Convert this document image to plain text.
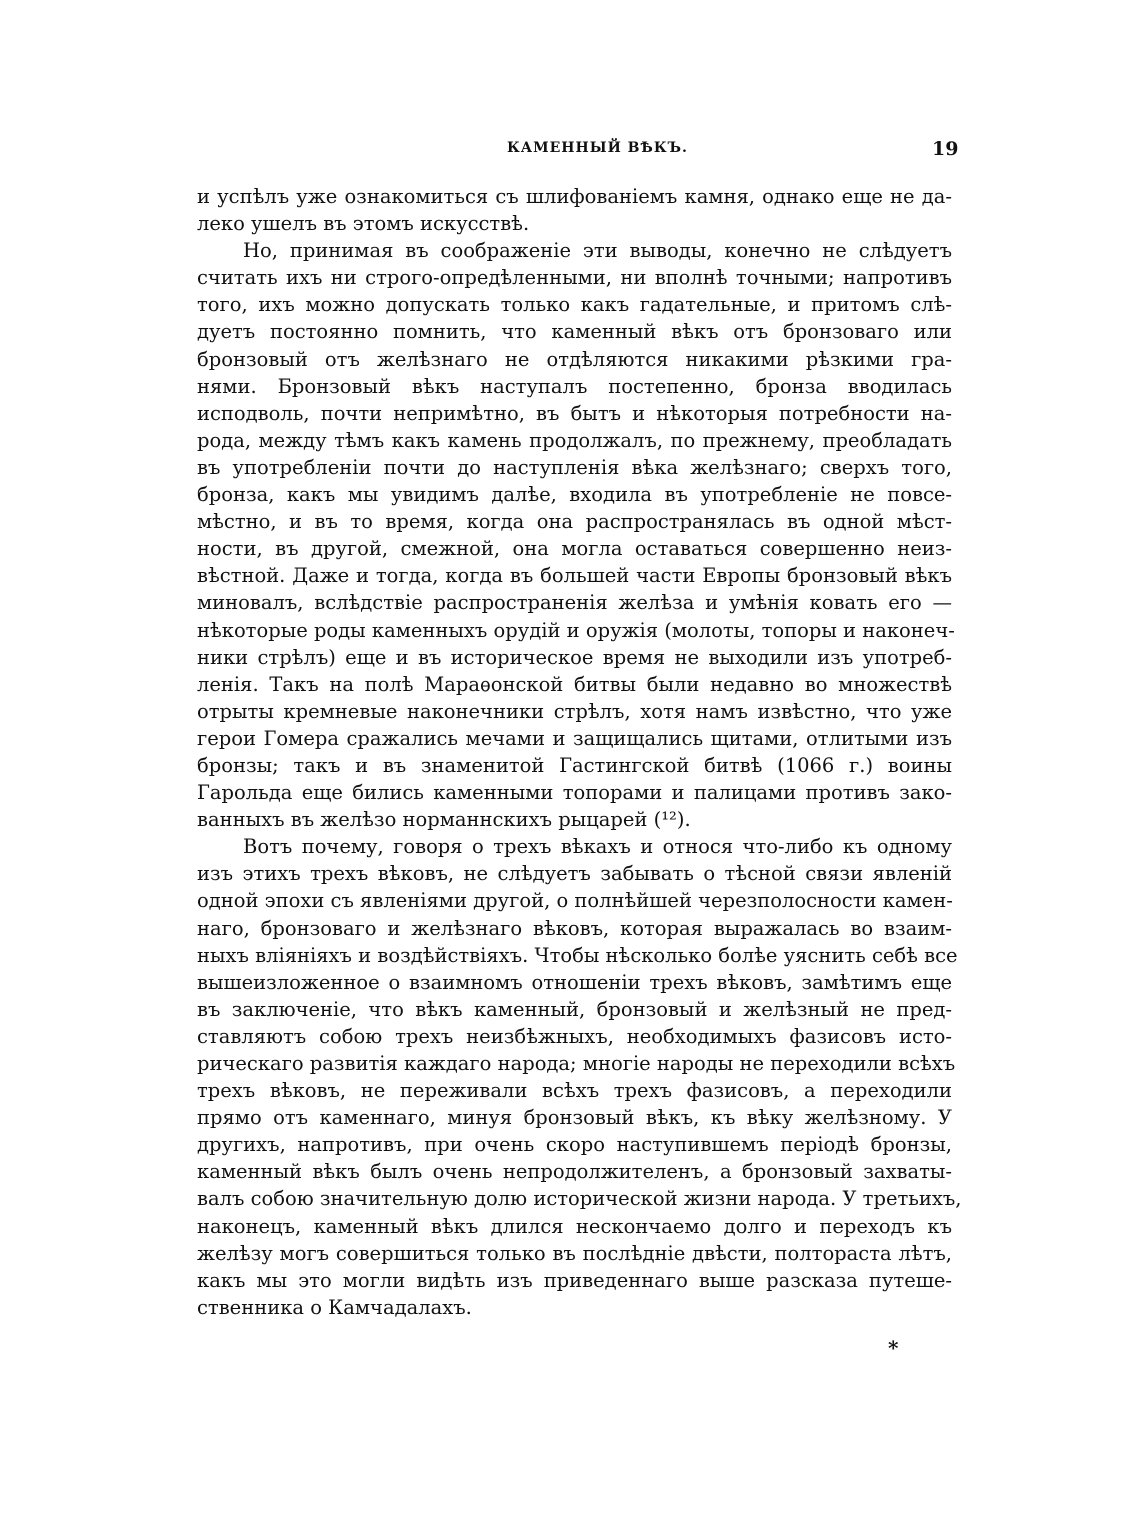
КАМЕННЫЙ ВѢКЪ.	19
и успѣлъ уже ознакомиться съ шлифованіемъ камня, однако еще не да-
леко ушелъ въ этомъ искусствѣ.
Но, принимая въ соображеніе эти выводы, конечно не слѣдуетъ
считать ихъ ни строго-опредѣленными, ни вполнѣ точными; напротивъ
того, ихъ можно допускать только какъ гадательные, и притомъ слѣ-
дуетъ постоянно помнить, что каменный вѣкъ отъ бронзоваго или
бронзовый отъ желѣзнаго не отдѣляются никакими рѣзкими гра-
нями. Бронзовый вѣкъ наступалъ постепенно, бронза вводилась
исподволь, почти непримѣтно, въ бытъ и нѣкоторыя потребности на-
рода, между тѣмъ какъ камень продолжалъ, по прежнему, преобладать
въ употребленіи почти до наступленія вѣка желѣзнаго; сверхъ того,
бронза, какъ мы увидимъ далѣе, входила въ употребленіе не повсе-
мѣстно, и въ то время, когда она распространялась въ одной мѣст-
ности, въ другой, смежной, она могла оставаться совершенно неиз-
вѣстной. Даже и тогда, когда въ большей части Европы бронзовый вѣкъ
миновалъ, вслѣдствіе распространенія желѣза и умѣнія ковать его —
нѣкоторые роды каменныхъ орудій и оружія (молоты, топоры и наконеч-
ники стрѣлъ) еще и въ историческое время не выходили изъ употреб-
ленія. Такъ на полѣ Мараѳонской битвы были недавно во множествѣ
отрыты кремневые наконечники стрѣлъ, хотя намъ извѣстно, что уже
герои Гомера сражались мечами и защищались щитами, отлитыми изъ
бронзы; такъ и въ знаменитой Гастингской битвѣ (1066 г.) воины
Гарольда еще бились каменными топорами и палицами противъ зако-
ванныхъ въ желѣзо норманнскихъ рыцарей (¹²).
Вотъ почему, говоря о трехъ вѣкахъ и относя что-либо къ одному
изъ этихъ трехъ вѣковъ, не слѣдуетъ забывать о тѣсной связи явленій
одной эпохи съ явленіями другой, о полнѣйшей черезполосности камен-
наго, бронзоваго и желѣзнаго вѣковъ, которая выражалась во взаим-
ныхъ вліяніяхъ и воздѣйствіяхъ. Чтобы нѣсколько болѣе уяснить себѣ все
вышеизложенное о взаимномъ отношеніи трехъ вѣковъ, замѣтимъ еще
въ заключеніе, что вѣкъ каменный, бронзовый и желѣзный не пред-
ставляютъ собою трехъ неизбѣжныхъ, необходимыхъ фазисовъ исто-
рическаго развитія каждаго народа; многіе народы не переходили всѣхъ
трехъ вѣковъ, не переживали всѣхъ трехъ фазисовъ, а переходили
прямо отъ каменнаго, минуя бронзовый вѣкъ, къ вѣку желѣзному. У
другихъ, напротивъ, при очень скоро наступившемъ періодѣ бронзы,
каменный вѣкъ былъ очень непродолжителенъ, а бронзовый захваты-
валъ собою значительную долю исторической жизни народа. У третьихъ,
наконецъ, каменный вѣкъ длился нескончаемо долго и переходъ къ
желѣзу могъ совершиться только въ послѣдніе двѣсти, полтораста лѣтъ,
какъ мы это могли видѣть изъ приведеннаго выше разсказа путеше-
ственника о Камчадалахъ.
*
